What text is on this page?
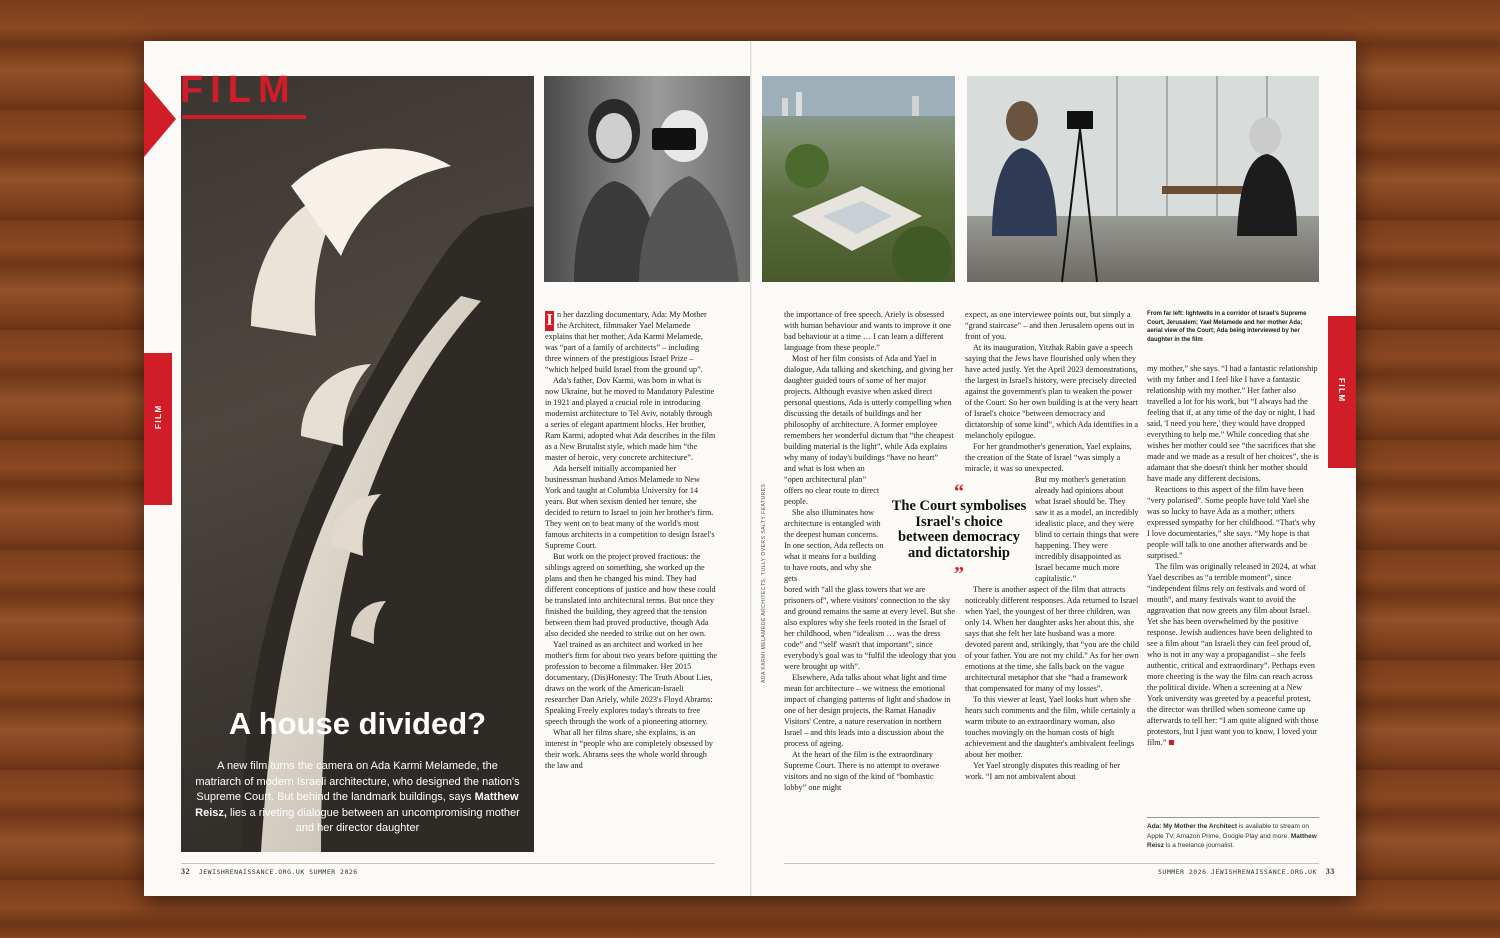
A house divided?
A new film turns the camera on Ada Karmi Melamede, the matriarch of modern Israeli architecture, who designed the nation's Supreme Court. But behind the landmark buildings, says Matthew Reisz, lies a riveting dialogue between an uncompromising mother and her director daughter
FILM
FILM
FILM
ADA KARMI MELAMEDE ARCHITECTS; TULLY OVERS SALTY FEATURES

I n her dazzling documentary, Ada: My Mother the Architect, filmmaker Yael Melamede explains that her mother, Ada Karmi Melamede, was “part of a family of architects” – including three winners of the prestigious Israel Prize – “which helped build Israel from the ground up”.

Ada's father, Dov Karmi, was born in what is now Ukraine, but he moved to Mandatory Palestine in 1921 and played a crucial role in introducing modernist architecture to Tel Aviv, notably through a series of elegant apartment blocks. Her brother, Ram Karmi, adopted what Ada describes in the film as a New Brutalist style, which made him “the master of heroic, very concrete architecture”.

Ada herself initially accompanied her businessman husband Amos Melamede to New York and taught at Columbia University for 14 years. But when sexism denied her tenure, she decided to return to Israel to join her brother's firm. They went on to beat many of the world's most famous architects in a competition to design Israel's Supreme Court.

But work on the project proved fractious: the siblings agreed on something, she worked up the plans and then he changed his mind. They had different conceptions of justice and how these could be translated into architectural terms. But once they finished the building, they agreed that the tension between them had proved productive, though Ada also decided she needed to strike out on her own.

Yael trained as an architect and worked in her mother's firm for about two years before quitting the profession to become a filmmaker. Her 2015 documentary, (Dis)Honesty: The Truth About Lies, draws on the work of the American-Israeli researcher Dan Ariely, while 2023's Floyd Abrams: Speaking Freely explores today's threats to free speech through the work of a pioneering attorney.

What all her films share, she explains, is an interest in “people who are completely obsessed by their work. Abrams sees the whole world through the law and

the importance of free speech. Ariely is obsessed with human behaviour and wants to improve it one bad behaviour at a time … I can learn a different language from these people.”

Most of her film consists of Ada and Yael in dialogue, Ada talking and sketching, and giving her daughter guided tours of some of her major projects. Although evasive when asked direct personal questions, Ada is utterly compelling when discussing the details of buildings and her philosophy of architecture. A former employee remembers her wonderful dictum that “the cheapest building material is the light”, while Ada explains why many of today's buildings “have no heart”

and what is lost when an “open architectural plan” offers no clear route to direct people.

She also illuminates how architecture is entangled with the deepest human concerns. In one section, Ada reflects on what it means for a building to have roots, and why she gets

bored with “all the glass towers that we are prisoners of”, where visitors' connection to the sky and ground remains the same at every level. But she also explores why she feels rooted in the Israel of her childhood, when “idealism … was the dress code” and “'self' wasn't that important”, since everybody's goal was to “fulfil the ideology that you were brought up with”.

Elsewhere, Ada talks about what light and time mean for architecture – we witness the emotional impact of changing patterns of light and shadow in one of her design projects, the Ramat Hanadiv Visitors' Centre, a nature reservation in northern Israel – and this leads into a discussion about the process of ageing.

At the heart of the film is the extraordinary Supreme Court. There is no attempt to overawe visitors and no sign of the kind of “bombastic lobby” one might

“
The Court symbolises Israel's choice between democracy and dictatorship
”

expect, as one interviewee points out, but simply a “grand staircase” – and then Jerusalem opens out in front of you.

At its inauguration, Yitzhak Rabin gave a speech saying that the Jews have flourished only when they have acted justly. Yet the April 2023 demonstrations, the largest in Israel's history, were precisely directed against the government's plan to weaken the power of the Court. So her own building is at the very heart of Israel's choice “between democracy and dictatorship of some kind”, which Ada identifies in a melancholy epilogue.

For her grandmother's generation, Yael explains, the creation of the State of Israel “was simply a miracle, it was so unexpected.

But my mother's generation already had opinions about what Israel should be. They saw it as a model, an incredibly idealistic place, and they were blind to certain things that were happening. They were incredibly disappointed as Israel became much more capitalistic.”

There is another aspect of the film that attracts noticeably different responses. Ada returned to Israel when Yael, the youngest of her three children, was only 14. When her daughter asks her about this, she says that she felt her late husband was a more devoted parent and, strikingly, that “you are the child of your father. You are not my child.” As for her own emotions at the time, she falls back on the vague architectural metaphor that she “had a framework that compensated for many of my losses”.

To this viewer at least, Yael looks hurt when she hears such comments and the film, while certainly a warm tribute to an extraordinary woman, also touches movingly on the human costs of high achievement and the daughter's ambivalent feelings about her mother.

Yet Yael strongly disputes this reading of her work. “I am not ambivalent about

From far left: lightwells in a corridor of Israel's Supreme Court, Jerusalem; Yael Melamede and her mother Ada; aerial view of the Court; Ada being interviewed by her daughter in the film

my mother,” she says. “I had a fantastic relationship with my father and I feel like I have a fantastic relationship with my mother.” Her father also travelled a lot for his work, but “I always had the feeling that if, at any time of the day or night, I had said, 'I need you here,' they would have dropped everything to help me.” While conceding that she wishes her mother could see “the sacrifices that she made and we made as a result of her choices”, she is adamant that she doesn't think her mother should have made any different decisions.

Reactions to this aspect of the film have been “very polarised”. Some people have told Yael she was so lucky to have Ada as a mother; others expressed sympathy for her childhood. “That's why I love documentaries,” she says. “My hope is that people will talk to one another afterwards and be surprised.”

The film was originally released in 2024, at what Yael describes as “a terrible moment”, since “independent films rely on festivals and word of mouth”, and many festivals want to avoid the aggravation that now greets any film about Israel. Yet she has been overwhelmed by the positive response. Jewish audiences have been delighted to see a film about “an Israeli they can feel proud of, who is not in any way a propagandist – she feels authentic, critical and extraordinary”. Perhaps even more cheering is the way the film can reach across the political divide. When a screening at a New York university was greeted by a peaceful protest, the director was thrilled when someone came up afterwards to tell her: “I am quite aligned with those protestors, but I just want you to know, I loved your film.”

Ada: My Mother the Architect is available to stream on Apple TV, Amazon Prime, Google Play and more. Matthew Reisz is a freelance journalist.
32 JEWISHRENAISSANCE.ORG.UK SUMMER 2026	SUMMER 2026 JEWISHRENAISSANCE.ORG.UK 33
